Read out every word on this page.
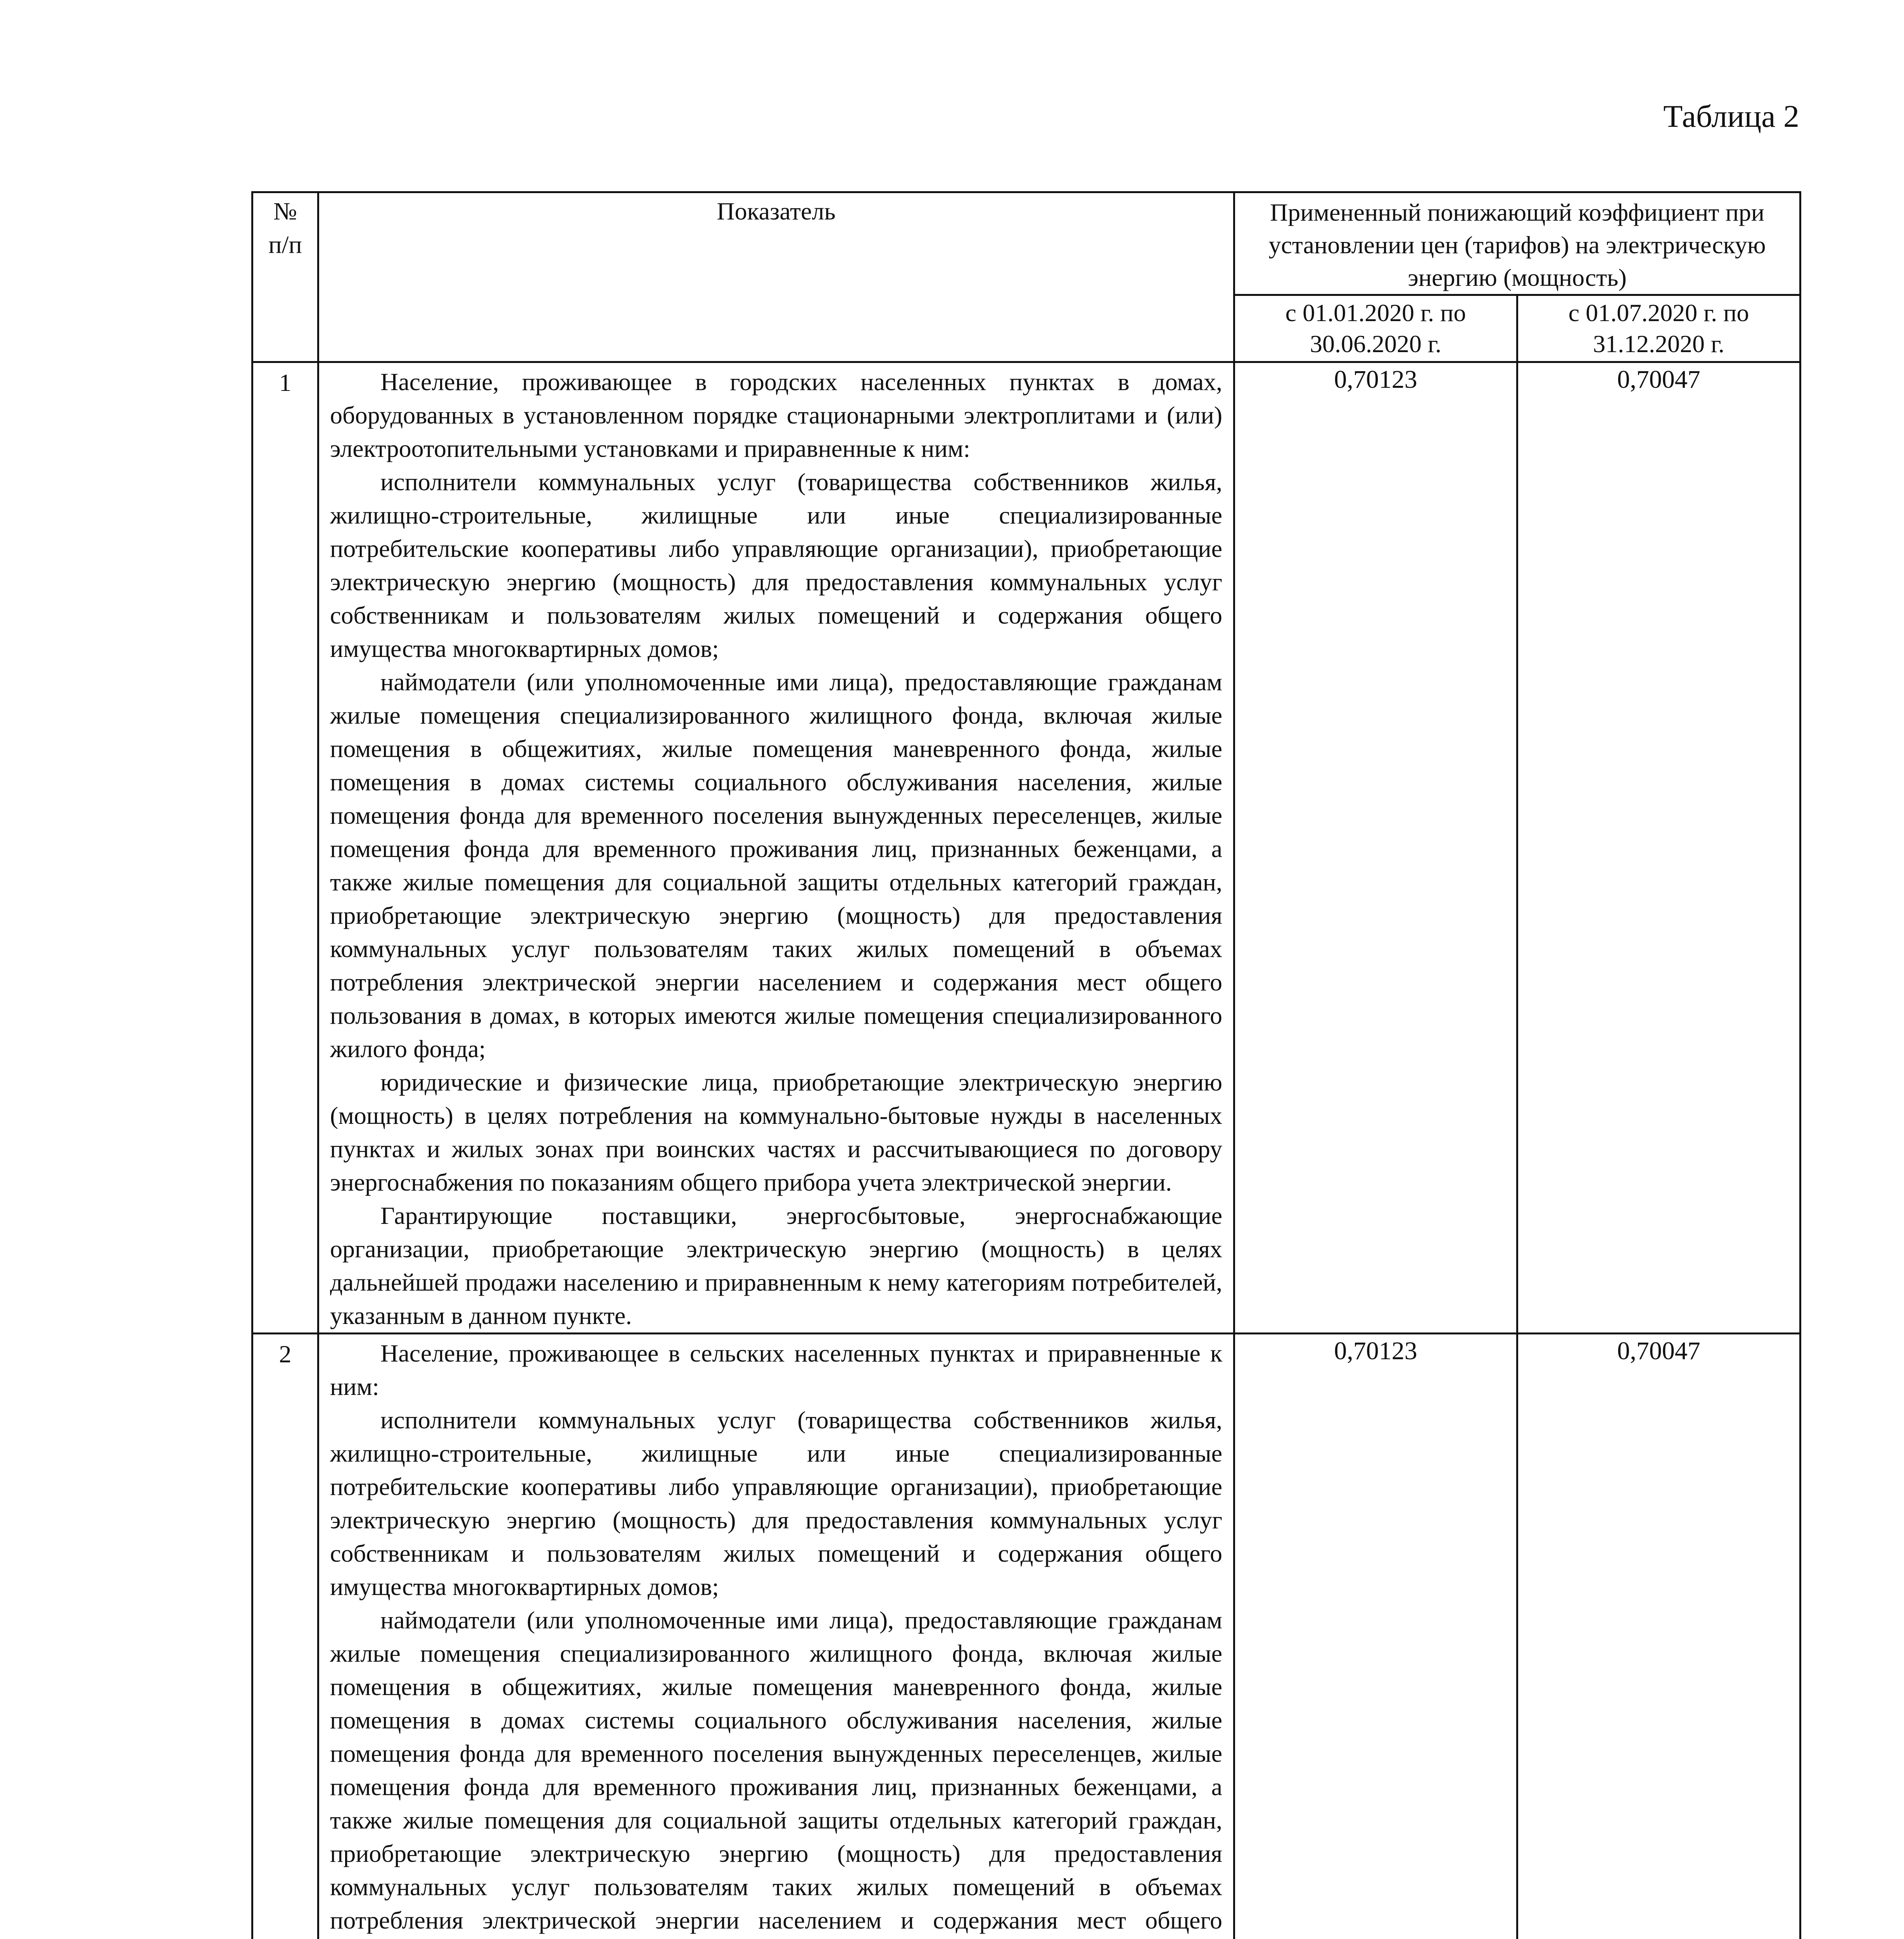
Таблица 2
№ п/п	Показатель	Примененный понижающий коэффициент при установлении цен (тарифов) на электрическую энергию (мощность)	
		с 01.01.2020 г. по 30.06.2020 г.	с 01.07.2020 г. по 31.12.2020 г.
1	Население, проживающее в городских населенных пунктах в домах, оборудованных в установленном порядке стационарными электроплитами и (или) электроотопительными установками и приравненные к ним:

исполнители коммунальных услуг (товарищества собственников жилья, жилищно-строительные, жилищные или иные специализированные потребительские кооперативы либо управляющие организации), приобретающие электрическую энергию (мощность) для предоставления коммунальных услуг собственникам и пользователям жилых помещений и содержания общего имущества многоквартирных домов;

наймодатели (или уполномоченные ими лица), предоставляющие гражданам жилые помещения специализированного жилищного фонда, включая жилые помещения в общежитиях, жилые помещения маневренного фонда, жилые помещения в домах системы социального обслуживания населения, жилые помещения фонда для временного поселения вынужденных переселенцев, жилые помещения фонда для временного проживания лиц, признанных беженцами, а также жилые помещения для социальной защиты отдельных категорий граждан, приобретающие электрическую энергию (мощность) для предоставления коммунальных услуг пользователям таких жилых помещений в объемах потребления электрической энергии населением и содержания мест общего пользования в домах, в которых имеются жилые помещения специализированного жилого фонда;

юридические и физические лица, приобретающие электрическую энергию (мощность) в целях потребления на коммунально-бытовые нужды в населенных пунктах и жилых зонах при воинских частях и рассчитывающиеся по договору энергоснабжения по показаниям общего прибора учета электрической энергии.

Гарантирующие поставщики, энергосбытовые, энергоснабжающие организации, приобретающие электрическую энергию (мощность) в целях дальнейшей продажи населению и приравненным к нему категориям потребителей, указанным в данном пункте.	0,70123	0,70047
2	Население, проживающее в сельских населенных пунктах и приравненные к ним:

исполнители коммунальных услуг (товарищества собственников жилья, жилищно-строительные, жилищные или иные специализированные потребительские кооперативы либо управляющие организации), приобретающие электрическую энергию (мощность) для предоставления коммунальных услуг собственникам и пользователям жилых помещений и содержания общего имущества многоквартирных домов;

наймодатели (или уполномоченные ими лица), предоставляющие гражданам жилые помещения специализированного жилищного фонда, включая жилые помещения в общежитиях, жилые помещения маневренного фонда, жилые помещения в домах системы социального обслуживания населения, жилые помещения фонда для временного поселения вынужденных переселенцев, жилые помещения фонда для временного проживания лиц, признанных беженцами, а также жилые помещения для социальной защиты отдельных категорий граждан, приобретающие электрическую энергию (мощность) для предоставления коммунальных услуг пользователям таких жилых помещений в объемах потребления электрической энергии населением и содержания мест общего	0,70123	0,70047
